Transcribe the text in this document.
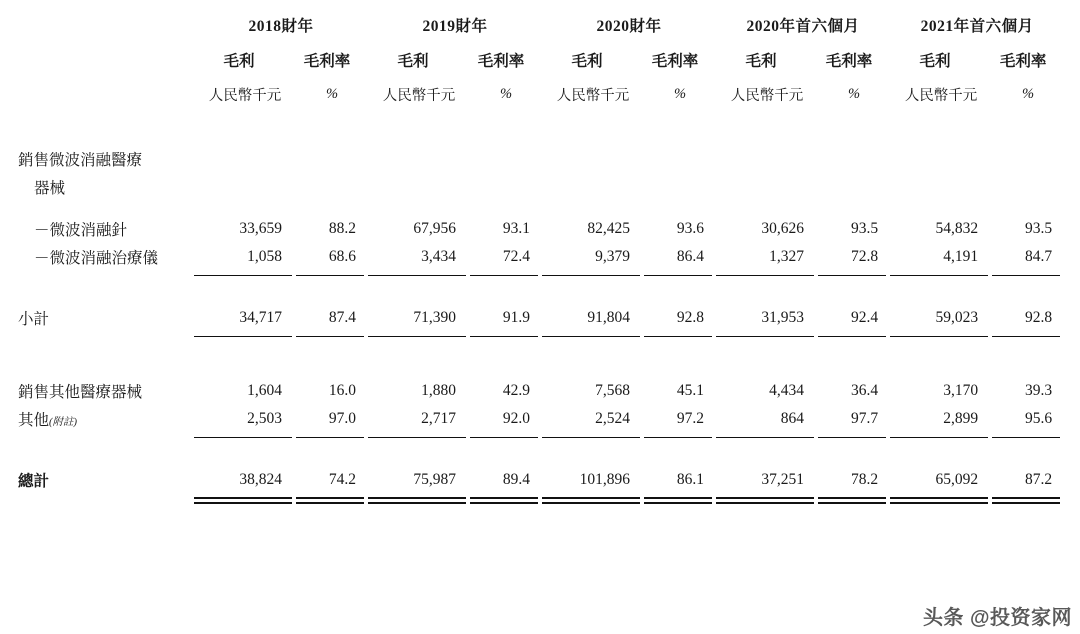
	2018財年		2019財年		2020財年		2020年首六個月		2021年首六個月	
	毛利	毛利率	毛利	毛利率	毛利	毛利率	毛利	毛利率	毛利	毛利率
	人民幣千元	%	人民幣千元	%	人民幣千元	%	人民幣千元	%	人民幣千元	%

銷售微波消融醫療										
器械										

－微波消融針	33,659	88.2	67,956	93.1	82,425	93.6	30,626	93.5	54,832	93.5
－微波消融治療儀	1,058	68.6	3,434	72.4	9,379	86.4	1,327	72.8	4,191	84.7

小計	34,717	87.4	71,390	91.9	91,804	92.8	31,953	92.4	59,023	92.8

銷售其他醫療器械	1,604	16.0	1,880	42.9	7,568	45.1	4,434	36.4	3,170	39.3
其他(附註)	2,503	97.0	2,717	92.0	2,524	97.2	864	97.7	2,899	95.6

總計	38,824	74.2	75,987	89.4	101,896	86.1	37,251	78.2	65,092	87.2

头条 @投资家网
